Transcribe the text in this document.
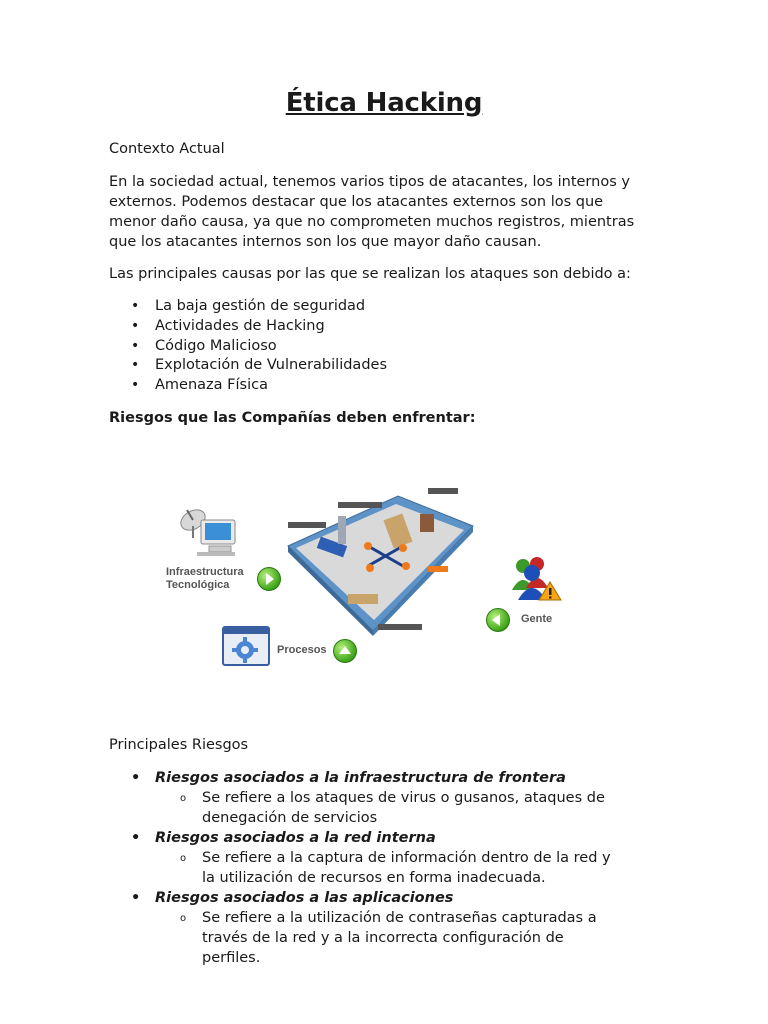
Ética Hacking
Contexto Actual

En la sociedad actual, tenemos varios tipos de atacantes, los internos y externos. Podemos destacar que los atacantes externos son los que menor daño causa, ya que no comprometen muchos registros, mientras que los atacantes internos son los que mayor daño causan.

Las principales causas por las que se realizan los ataques son debido a:

• La baja gestión de seguridad
• Actividades de Hacking
• Código Malicioso
• Explotación de Vulnerabilidades
• Amenaza Física
Riesgos que las Compañías deben enfrentar:
Principales Riesgos
• Riesgos asociados a la infraestructura de frontera
o Se refiere a los ataques de virus o gusanos, ataques de denegación de servicios
• Riesgos asociados a la red interna
o Se refiere a la captura de información dentro de la red y la utilización de recursos en forma inadecuada.
• Riesgos asociados a las aplicaciones
o Se refiere a la utilización de contraseñas capturadas a través de la red y a la incorrecta configuración de perfiles.
Infraestructura
Tecnológica
Procesos
Gente
